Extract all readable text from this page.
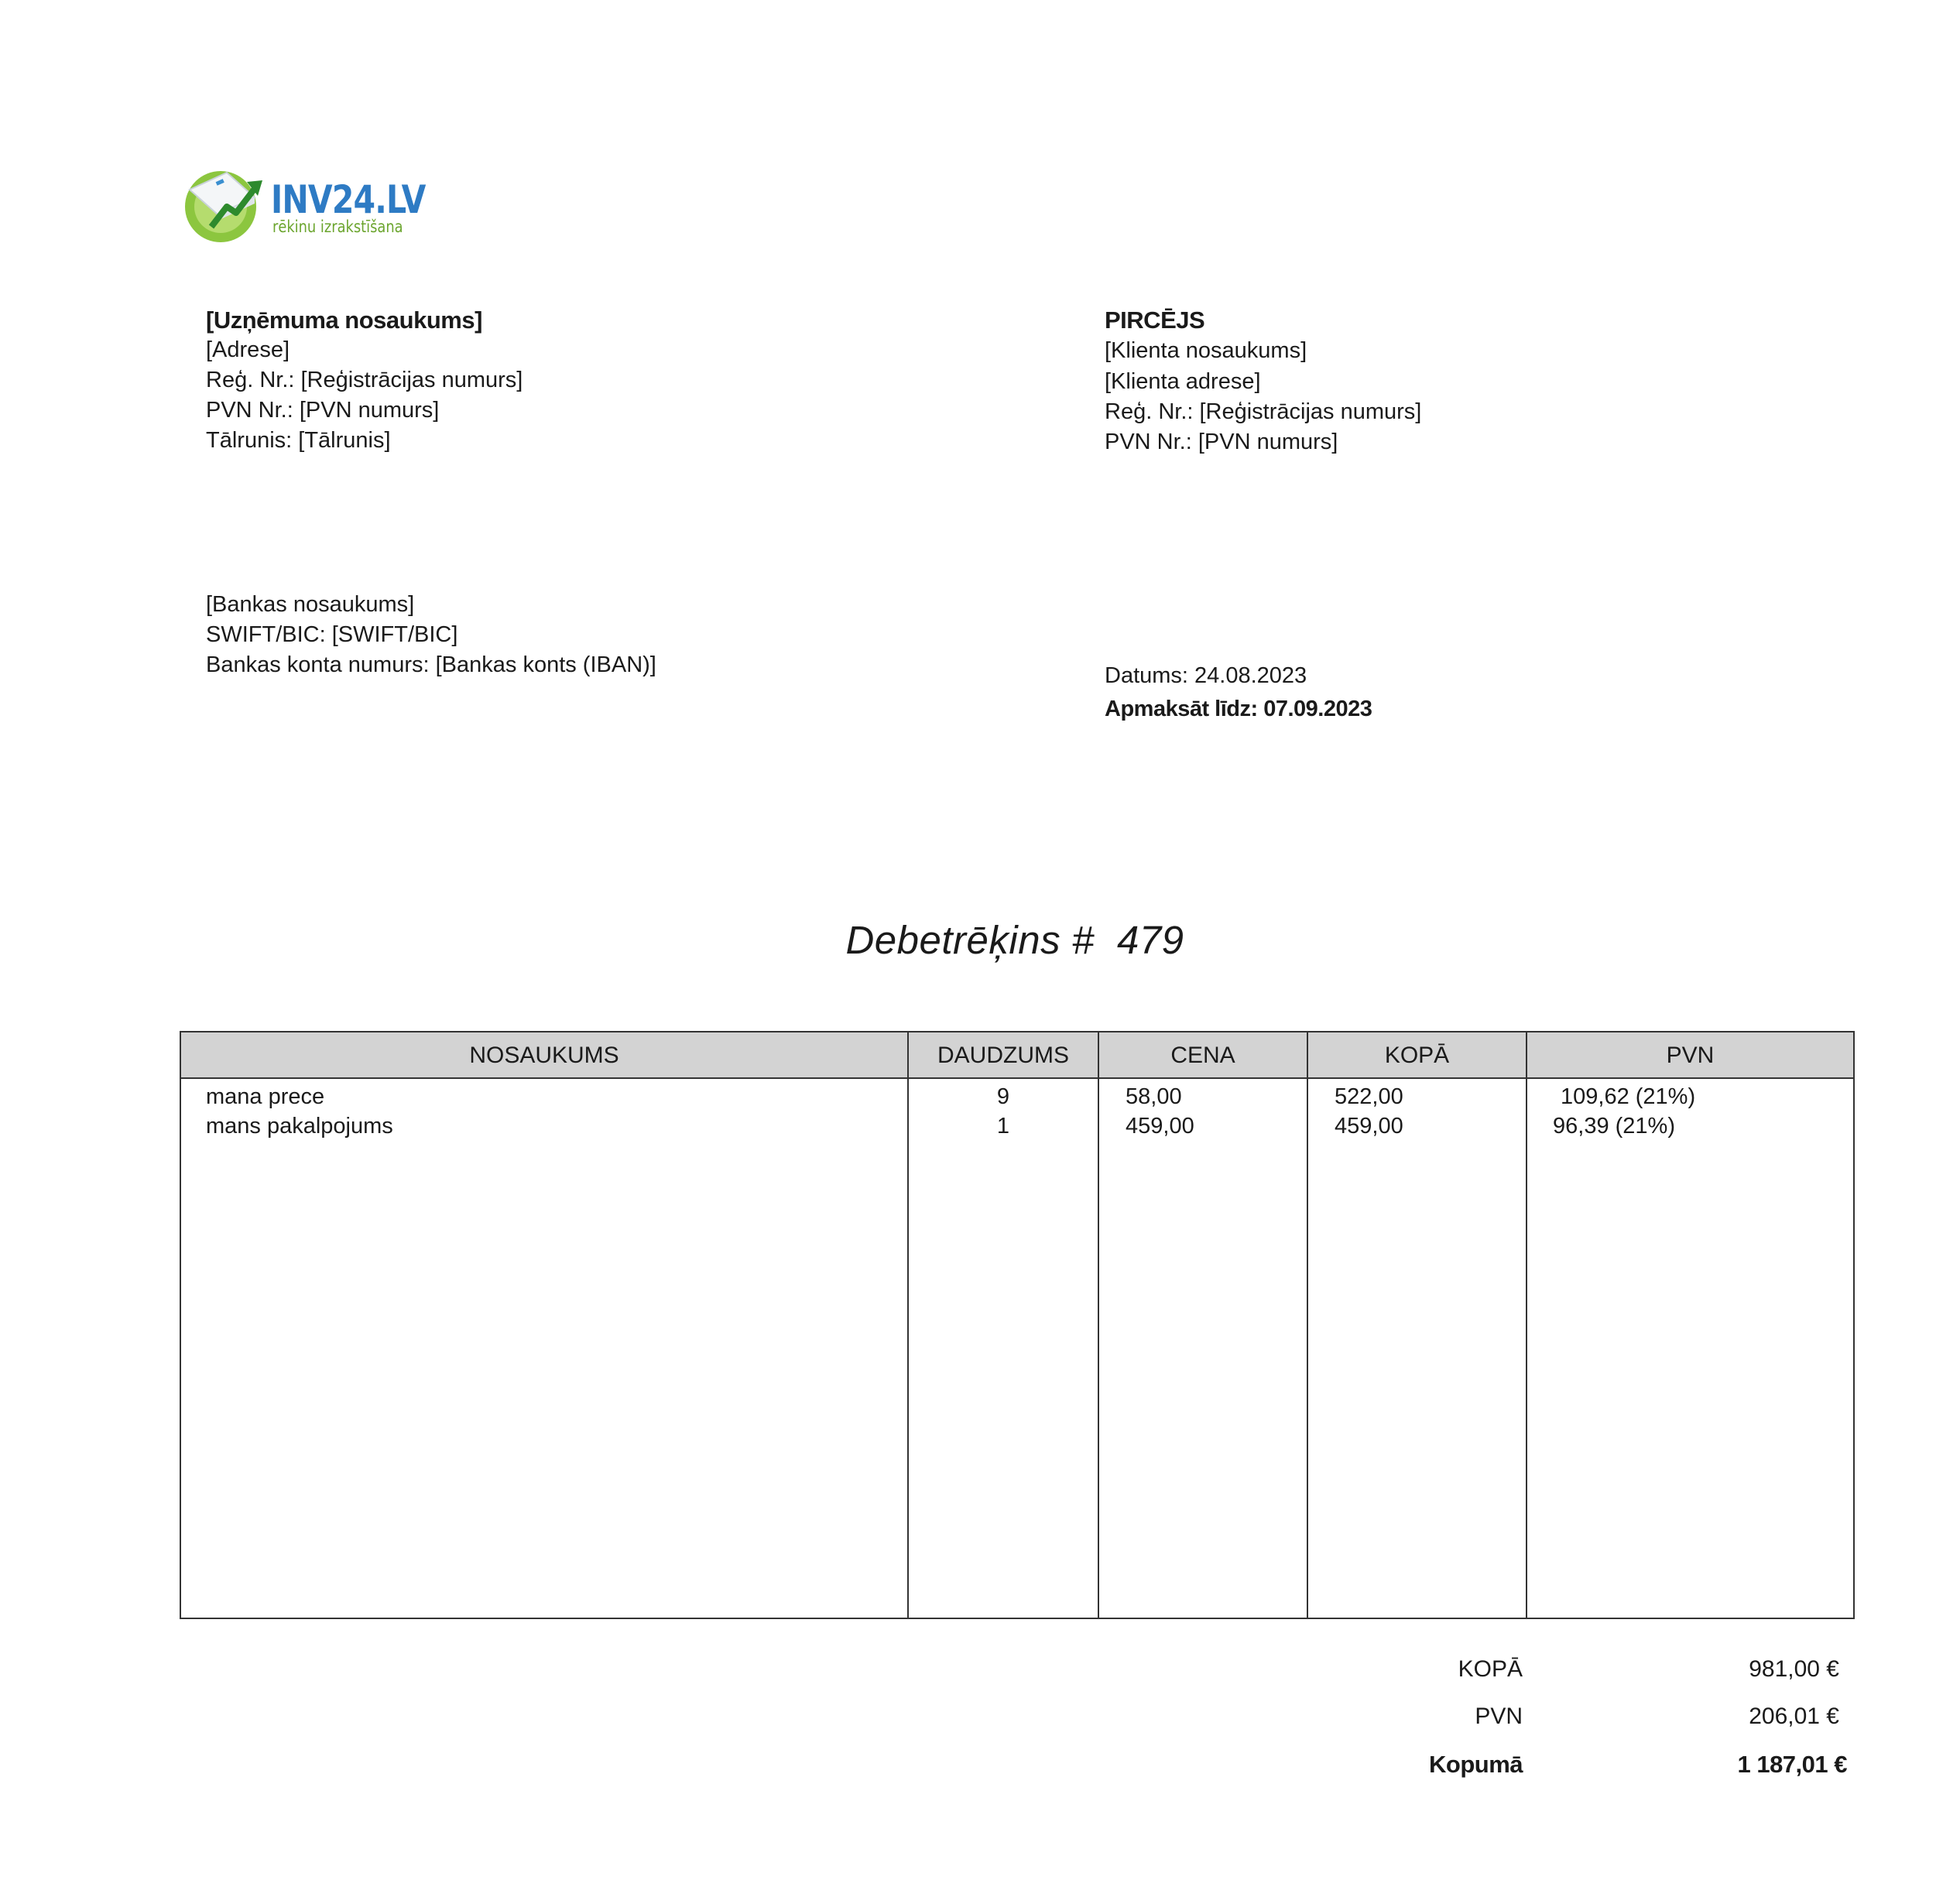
INV24.LV
rēkinu izrakstīšana
[Uzņēmuma nosaukums]
[Adrese]
Reģ. Nr.: [Reģistrācijas numurs]
PVN Nr.: [PVN numurs]
Tālrunis: [Tālrunis]
PIRCĒJS
[Klienta nosaukums]
[Klienta adrese]
Reģ. Nr.: [Reģistrācijas numurs]
PVN Nr.: [PVN numurs]
[Bankas nosaukums]
SWIFT/BIC: [SWIFT/BIC]
Bankas konta numurs: [Bankas konts (IBAN)]	Datums: 24.08.2023
Apmaksāt līdz: 07.09.2023
Debetrēķins # 479
NOSAUKUMS	DAUDZUMS	CENA	KOPĀ	PVN
mana prece	9	58,00	522,00	109,62 (21%)
mans pakalpojums	1	459,00	459,00	96,39 (21%)
KOPĀ	981,00 €
PVN	206,01 €
Kopumā	1 187,01 €
